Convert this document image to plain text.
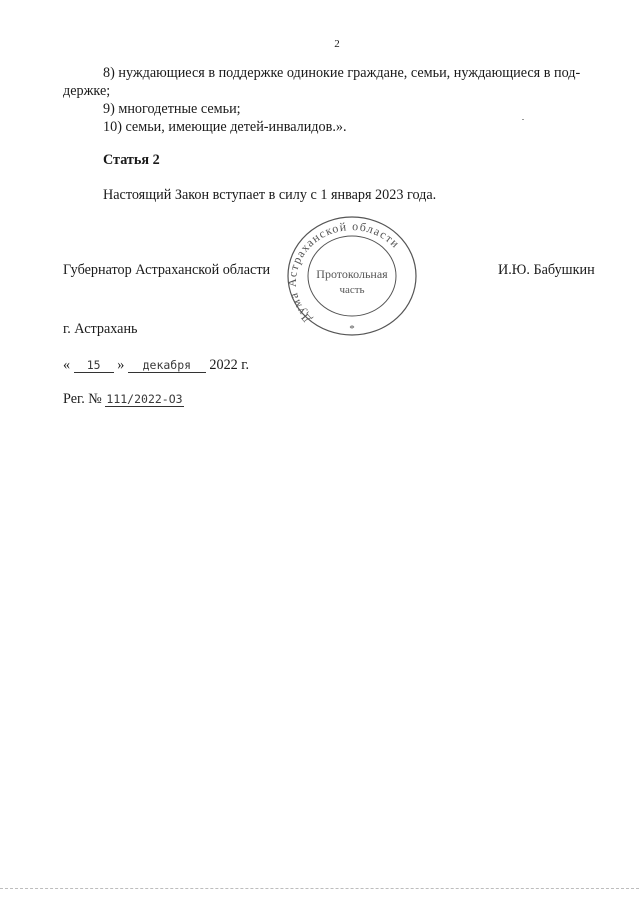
2
8) нуждающиеся в поддержке одинокие граждане, семьи, нуждающиеся в под-
держке;
9) многодетные семьи;
10) семьи, имеющие детей-инвалидов.».
Статья 2
Настоящий Закон вступает в силу с 1 января 2023 года.
Губернатор Астраханской области	И.Ю. Бабушкин
Дума Астраханской области
Протокольная
часть
*
г. Астрахань
« 15 » декабря 2022 г.
Рег. № 111/2022-ОЗ
